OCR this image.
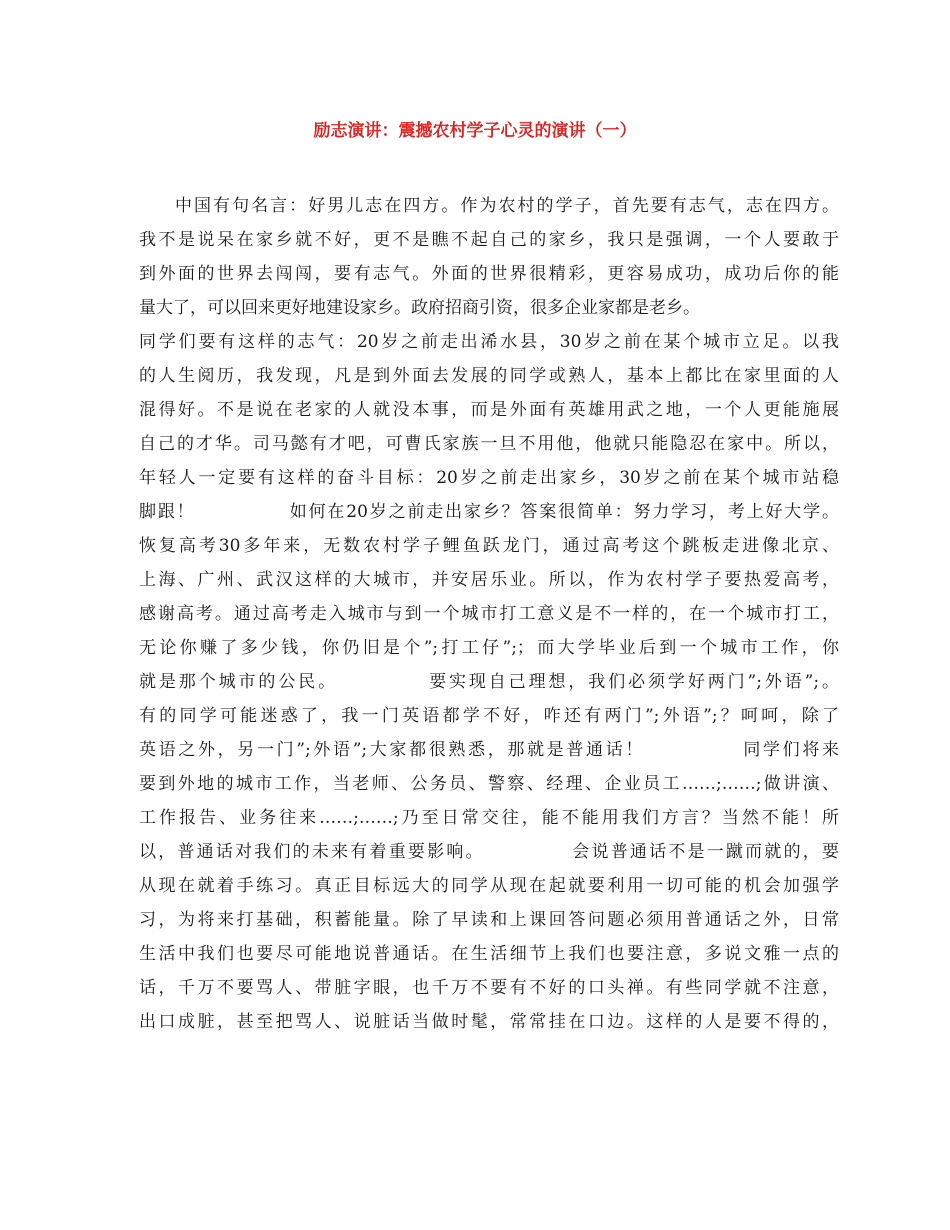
励志演讲：震撼农村学子心灵的演讲（一）
中国有句名言：好男儿志在四方。作为农村的学子，首先要有志气，志在四方。
我不是说呆在家乡就不好，更不是瞧不起自己的家乡，我只是强调，一个人要敢于
到外面的世界去闯闯，要有志气。外面的世界很精彩，更容易成功，成功后你的能
量大了，可以回来更好地建设家乡。政府招商引资，很多企业家都是老乡。
同学们要有这样的志气：20岁之前走出浠水县，30岁之前在某个城市立足。以我
的人生阅历，我发现，凡是到外面去发展的同学或熟人，基本上都比在家里面的人
混得好。不是说在老家的人就没本事，而是外面有英雄用武之地，一个人更能施展
自己的才华。司马懿有才吧，可曹氏家族一旦不用他，他就只能隐忍在家中。所以，
年轻人一定要有这样的奋斗目标：20岁之前走出家乡，30岁之前在某个城市站稳
脚跟！　　　　　如何在20岁之前走出家乡？答案很简单：努力学习，考上好大学。
恢复高考30多年来，无数农村学子鲤鱼跃龙门，通过高考这个跳板走进像北京、
上海、广州、武汉这样的大城市，并安居乐业。所以，作为农村学子要热爱高考，
感谢高考。通过高考走入城市与到一个城市打工意义是不一样的，在一个城市打工，
无论你赚了多少钱，你仍旧是个”;打工仔”;；而大学毕业后到一个城市工作，你
就是那个城市的公民。　　　　　要实现自己理想，我们必须学好两门”;外语”;。
有的同学可能迷惑了，我一门英语都学不好，咋还有两门”;外语”;？呵呵，除了
英语之外，另一门”;外语”;大家都很熟悉，那就是普通话！　　　　　同学们将来
要到外地的城市工作，当老师、公务员、警察、经理、企业员工……;……;做讲演、
工作报告、业务往来……;……;乃至日常交往，能不能用我们方言？当然不能！所
以，普通话对我们的未来有着重要影响。　　　　　会说普通话不是一蹴而就的，要
从现在就着手练习。真正目标远大的同学从现在起就要利用一切可能的机会加强学
习，为将来打基础，积蓄能量。除了早读和上课回答问题必须用普通话之外，日常
生活中我们也要尽可能地说普通话。在生活细节上我们也要注意，多说文雅一点的
话，千万不要骂人、带脏字眼，也千万不要有不好的口头禅。有些同学就不注意，
出口成脏，甚至把骂人、说脏话当做时髦，常常挂在口边。这样的人是要不得的，
